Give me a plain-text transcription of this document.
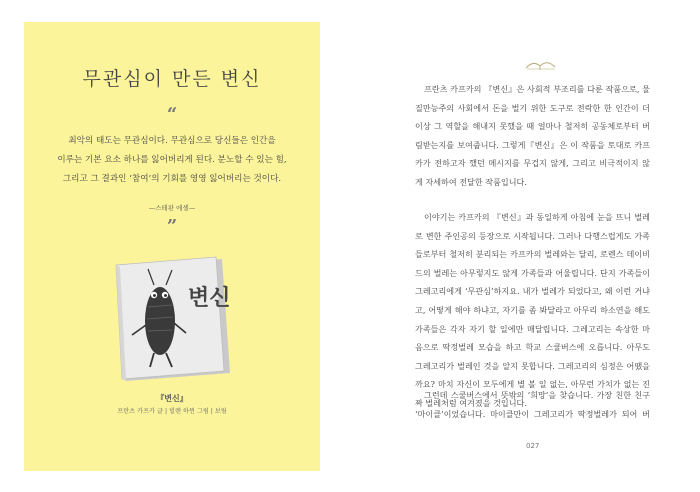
무관심이 만든 변신
“
최악의 태도는 무관심이다. 무관심으로 당신들은 인간을
이루는 기본 요소 하나를 잃어버리게 된다. 분노할 수 있는 힘,
그리고 그 결과인 ‘참여’의 기회를 영영 잃어버리는 것이다.
—스테판 에셀—
”
변신
『변신』
프란츠 카프카 글 | 빌렌 하뮌 그림 | 보림
프란츠 카프카의 『변신』은 사회적 부조리를 다룬 작품으로, 물
질만능주의 사회에서 돈을 벌기 위한 도구로 전락한 한 인간이 더
이상 그 역할을 해내지 못했을 때 얼마나 철저히 공동체로부터 버
림받는지를 보여줍니다. 그렇게『변신』은 이 작품을 토대로 카프
카가 전하고자 했던 메시지를 무겁지 않게, 그리고 비극적이지 않
게 자세하여 전달한 작품입니다.
이야기는 카프카의 『변신』과 동일하게 아침에 눈을 뜨니 벌레
로 변한 주인공의 등장으로 시작됩니다. 그러나 다행스럽게도 가족
들로부터 철저히 분리되는 카프카의 벌레와는 달리, 로렌스 데이비
드의 벌레는 아무렇지도 않게 가족들과 어울립니다. 단지 가족들이
그레고리에게 ‘무관심’하지요. 내가 벌레가 되었다고, 왜 이런 거냐
고, 어떻게 해야 하냐고, 자기를 좀 봐달라고 아무리 하소연을 해도
가족들은 각자 자기 할 일에만 매달립니다. 그레고리는 속상한 마
음으로 딱정벌레 모습을 하고 학교 스쿨버스에 오릅니다. 아무도
그레고리가 벌레인 것을 알지 못합니다. 그레고리의 심정은 어땠을
까요? 마치 자신이 모두에게 별 볼 일 없는, 아무런 가치가 없는 진
짜 벌레처럼 여겨졌을 것입니다.
그런데 스쿨버스에서 뜻밖의 ‘희망’을 찾습니다. 가장 친한 친구
‘마이클’이었습니다. 마이클만이 그레고리가 딱정벌레가 되어 버
027
